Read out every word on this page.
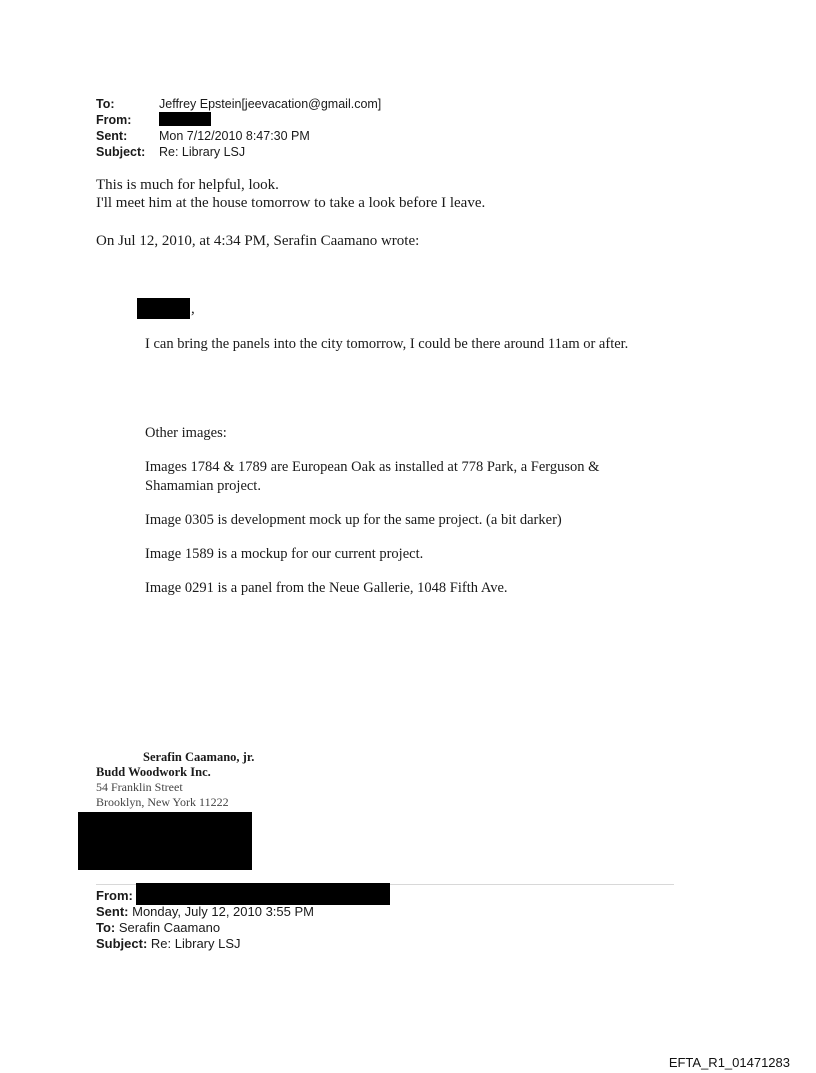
To:	Jeffrey Epstein[jeevacation@gmail.com]
From:
Sent:	Mon 7/12/2010 8:47:30 PM
Subject: Re: Library LSJ
This is much for helpful, look.
I'll meet him at the house tomorrow to take a look before I leave.
On Jul 12, 2010, at 4:34 PM, Serafin Caamano wrote:
,
I can bring the panels into the city tomorrow, I could be there around 11am or after.
Other images:
Images 1784 & 1789 are European Oak as installed at 778 Park, a Ferguson & Shamamian project.
Image 0305 is development mock up for the same project. (a bit darker)
Image 1589 is a mockup for our current project.
Image 0291 is a panel from the Neue Gallerie, 1048 Fifth Ave.
Serafin Caamano, jr.
Budd Woodwork Inc.
54 Franklin Street
Brooklyn, New York 11222
From:
Sent: Monday, July 12, 2010 3:55 PM
To: Serafin Caamano
Subject: Re: Library LSJ
EFTA_R1_01471283
